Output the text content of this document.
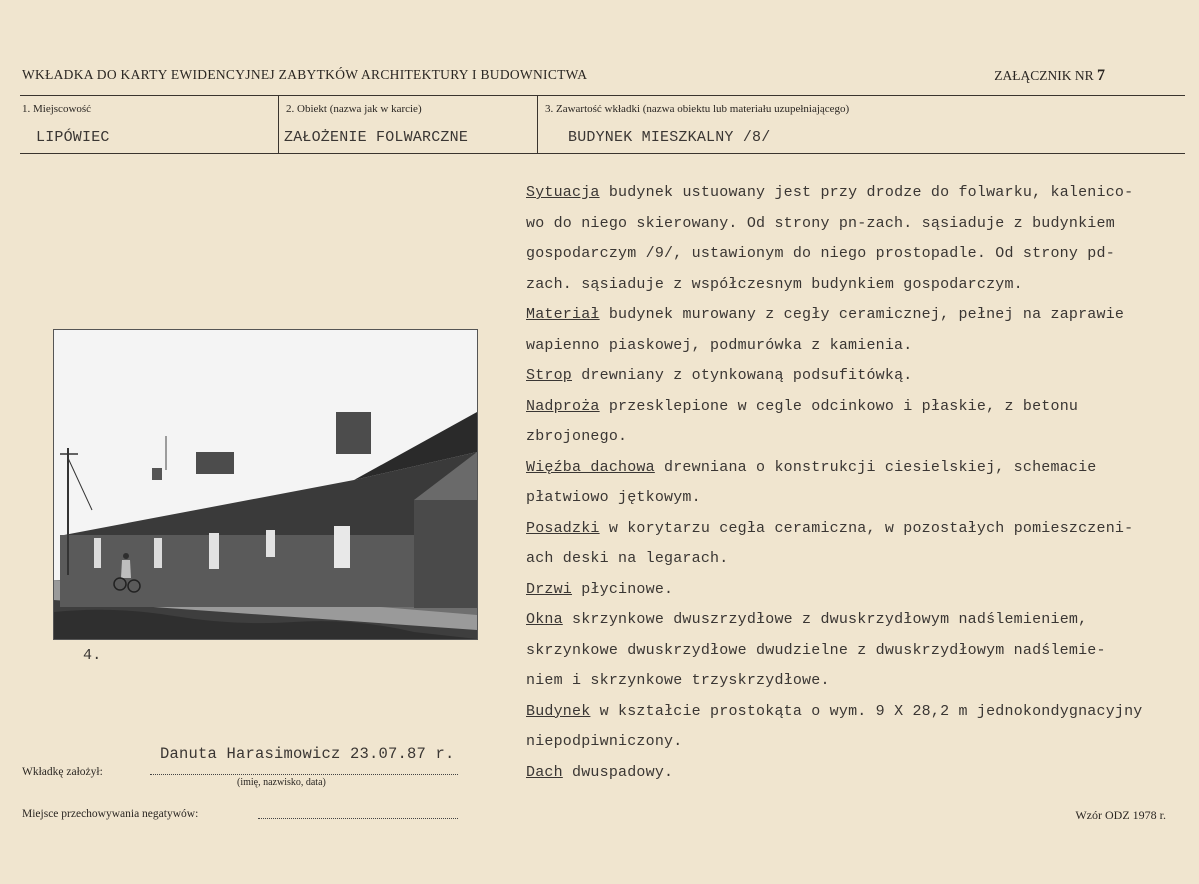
WKŁADKA DO KARTY EWIDENCYJNEJ ZABYTKÓW ARCHITEKTURY I BUDOWNICTWA	ZAŁĄCZNIK NR 7
1. Miejscowość
LIPÓWIEC
2. Obiekt (nazwa jak w karcie)
ZAŁOŻENIE FOLWARCZNE
3. Zawartość wkładki (nazwa obiektu lub materiału uzupełniającego)
BUDYNEK MIESZKALNY /8/
4.

Sytuacja budynek ustuowany jest przy drodze do folwarku, kalenico-
wo do niego skierowany. Od strony pn-zach. sąsiaduje z budynkiem
gospodarczym /9/, ustawionym do niego prostopadle. Od strony pd-
zach. sąsiaduje z współczesnym budynkiem gospodarczym.

Materiał budynek murowany z cegły ceramicznej, pełnej na zaprawie
wapienno piaskowej, podmurówka z kamienia.

Strop drewniany z otynkowaną podsufitówką.

Nadproża przesklepione w cegle odcinkowo i płaskie, z betonu
zbrojonego.

Więźba dachowa drewniana o konstrukcji ciesielskiej, schemacie
płatwiowo jętkowym.

Posadzki w korytarzu cegła ceramiczna, w pozostałych pomieszczeni-
ach deski na legarach.

Drzwi płycinowe.

Okna skrzynkowe dwuszrzydłowe z dwuskrzydłowym nadślemieniem,
skrzynkowe dwuskrzydłowe dwudzielne z dwuskrzydłowym nadślemie-
niem i skrzynkowe trzyskrzydłowe.

Budynek w kształcie prostokąta o wym. 9 X 28,2 m jednokondygnacyjny
niepodpiwniczony.

Dach dwuspadowy.

Danuta Harasimowicz 23.07.87 r.
Wkładkę założył:
(imię, nazwisko, data)
Miejsce przechowywania negatywów:	Wzór ODZ 1978 r.
